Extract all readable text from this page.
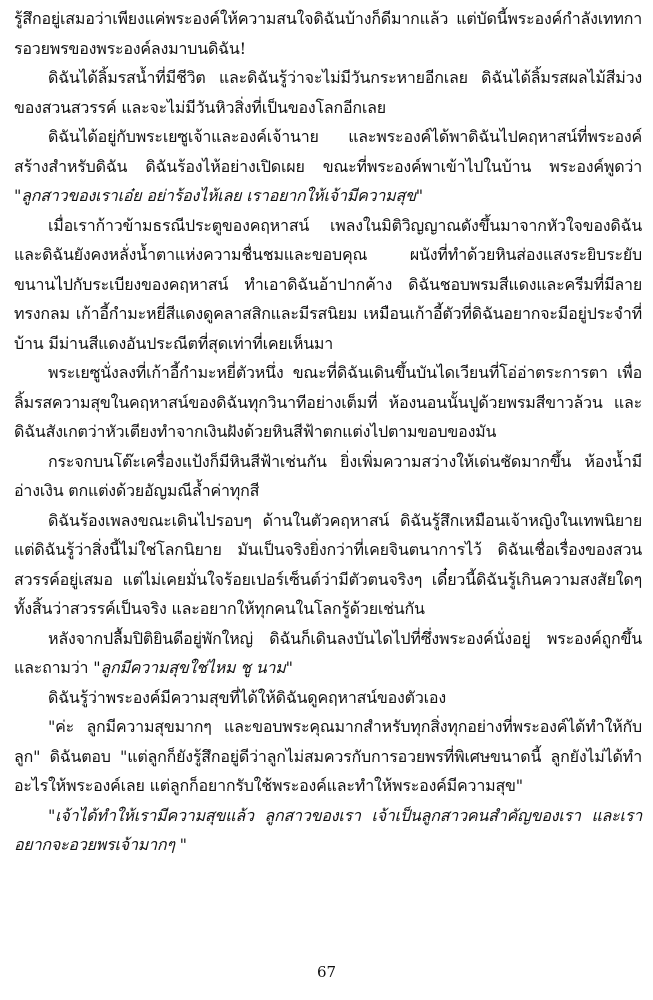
รู้สึกอยู่เสมอว่าเพียงแค่พระองค์ให้ความสนใจดิฉันบ้างก็ดีมากแล้ว แต่บัดนี้พระองค์กำลังเททการอวยพรของพระองค์ลงมาบนดิฉัน!

ดิฉันได้ลิ้มรสน้ำที่มีชีวิต และดิฉันรู้ว่าจะไม่มีวันกระหายอีกเลย ดิฉันได้ลิ้มรสผลไม้สีม่วงของสวนสวรรค์ และจะไม่มีวันหิวสิ่งที่เป็นของโลกอีกเลย

ดิฉันได้อยู่กับพระเยซูเจ้าและองค์เจ้านาย และพระองค์ได้พาดิฉันไปคฤหาสน์ที่พระองค์สร้างสำหรับดิฉัน ดิฉันร้องไห้อย่างเปิดเผย ขณะที่พระองค์พาเข้าไปในบ้าน พระองค์พูดว่า "ลูกสาวของเราเอ๋ย อย่าร้องไห้เลย เราอยากให้เจ้ามีความสุข"

เมื่อเราก้าวข้ามธรณีประตูของคฤหาสน์ เพลงในมิติวิญญาณดังขึ้นมาจากหัวใจของดิฉัน และดิฉันยังคงหลั่งน้ำตาแห่งความชื่นชมและขอบคุณ ผนังที่ทำด้วยหินส่องแสงระยิบระยับขนานไปกับระเบียงของคฤหาสน์ ทำเอาดิฉันอ้าปากค้าง ดิฉันชอบพรมสีแดงและครีมที่มีลายทรงกลม เก้าอี้กำมะหยี่สีแดงดูคลาสสิกและมีรสนิยม เหมือนเก้าอี้ตัวที่ดิฉันอยากจะมีอยู่ประจำที่บ้าน มีม่านสีแดงอันประณีตที่สุดเท่าที่เคยเห็นมา

พระเยซูนั่งลงที่เก้าอี้กำมะหยี่ตัวหนึ่ง ขณะที่ดิฉันเดินขึ้นบันไดเวียนที่โอ่อ่าตระการตา เพื่อลิ้มรสความสุขในคฤหาสน์ของดิฉันทุกวินาทีอย่างเต็มที่ ห้องนอนนั้นปูด้วยพรมสีขาวล้วน และดิฉันสังเกตว่าหัวเตียงทำจากเงินฝังด้วยหินสีฟ้าตกแต่งไปตามขอบของมัน

กระจกบนโต๊ะเครื่องแป้งก็มีหินสีฟ้าเช่นกัน ยิ่งเพิ่มความสว่างให้เด่นชัดมากขึ้น ห้องน้ำมีอ่างเงิน ตกแต่งด้วยอัญมณีล้ำค่าทุกสี

ดิฉันร้องเพลงขณะเดินไปรอบๆ ด้านในตัวคฤหาสน์ ดิฉันรู้สึกเหมือนเจ้าหญิงในเทพนิยาย แต่ดิฉันรู้ว่าสิ่งนี้ไม่ใช่โลกนิยาย มันเป็นจริงยิ่งกว่าที่เคยจินตนาการไว้ ดิฉันเชื่อเรื่องของสวนสวรรค์อยู่เสมอ แต่ไม่เคยมั่นใจร้อยเปอร์เซ็นต์ว่ามีตัวตนจริงๆ เดี๋ยวนี้ดิฉันรู้เกินความสงสัยใดๆ ทั้งสิ้นว่าสวรรค์เป็นจริง และอยากให้ทุกคนในโลกรู้ด้วยเช่นกัน

หลังจากปลื้มปิติยินดีอยู่พักใหญ่ ดิฉันก็เดินลงบันไดไปที่ซึ่งพระองค์นั่งอยู่ พระองค์ถูกขึ้นและถามว่า "ลูกมีความสุขใช่ไหม ชู นาม"

ดิฉันรู้ว่าพระองค์มีความสุขที่ได้ให้ดิฉันดูคฤหาสน์ของตัวเอง

"ค่ะ ลูกมีความสุขมากๆ และขอบพระคุณมากสำหรับทุกสิ่งทุกอย่างที่พระองค์ได้ทำให้กับลูก" ดิฉันตอบ "แต่ลูกก็ยังรู้สึกอยู่ดีว่าลูกไม่สมควรกับการอวยพรที่พิเศษขนาดนี้ ลูกยังไม่ได้ทำอะไรให้พระองค์เลย แต่ลูกก็อยากรับใช้พระองค์และทำให้พระองค์มีความสุข"

"เจ้าได้ทำให้เรามีความสุขแล้ว ลูกสาวของเรา เจ้าเป็นลูกสาวคนสำคัญของเรา และเราอยากจะอวยพรเจ้ามากๆ "

67
